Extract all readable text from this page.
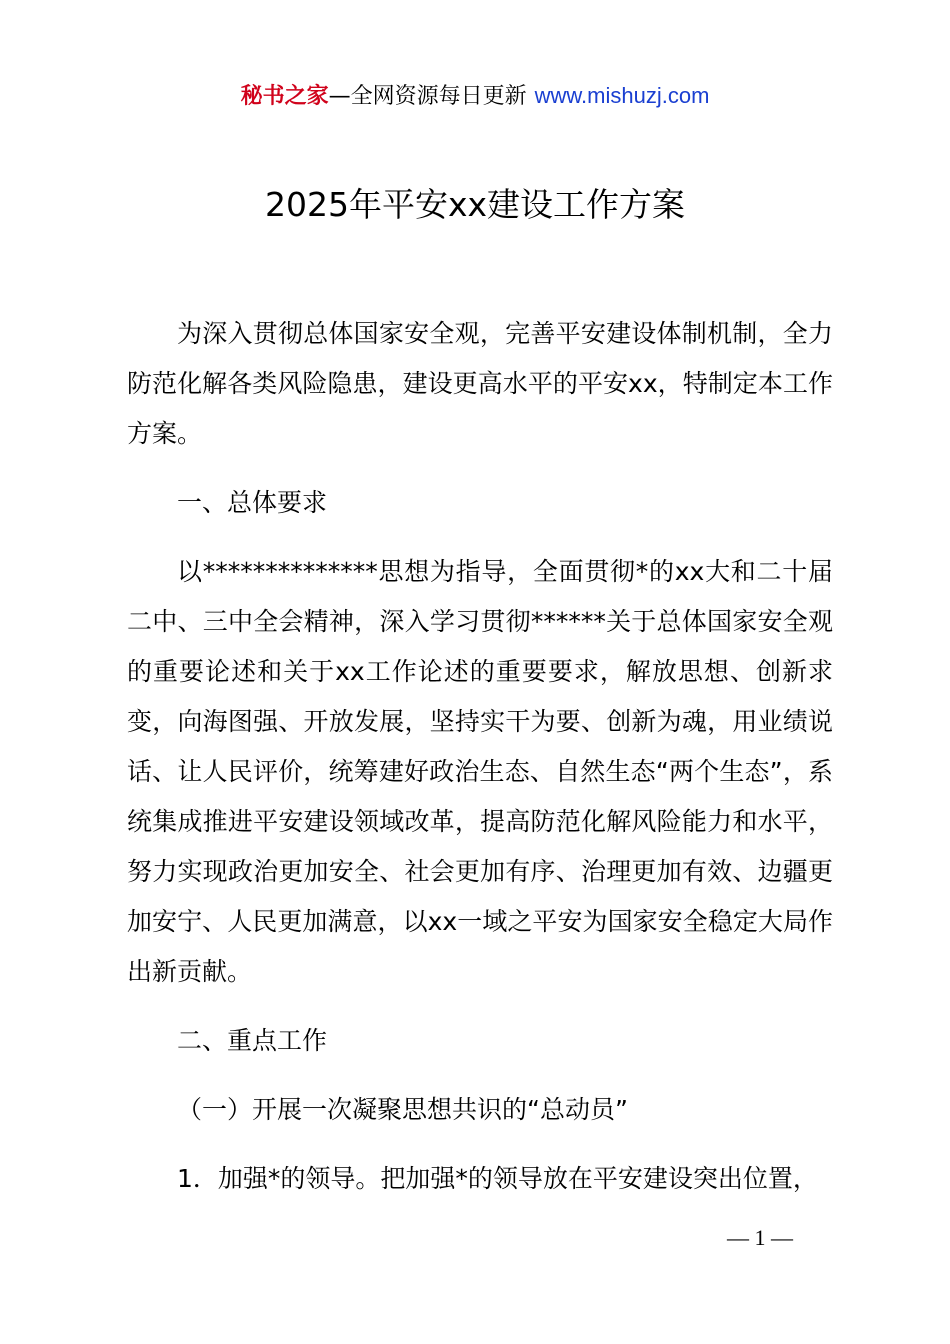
秘书之家—全网资源每日更新 www.mishuzj.com
2025年平安xx建设工作方案

为深入贯彻总体国家安全观，完善平安建设体制机制，全力防范化解各类风险隐患，建设更高水平的平安xx，特制定本工作方案。

一、总体要求

以**************思想为指导，全面贯彻*的xx大和二十届二中、三中全会精神，深入学习贯彻******关于总体国家安全观的重要论述和关于xx工作论述的重要要求，解放思想、创新求变，向海图强、开放发展，坚持实干为要、创新为魂，用业绩说话、让人民评价，统筹建好政治生态、自然生态“两个生态”，系统集成推进平安建设领域改革，提高防范化解风险能力和水平，努力实现政治更加安全、社会更加有序、治理更加有效、边疆更加安宁、人民更加满意，以xx一域之平安为国家安全稳定大局作出新贡献。

二、重点工作

（一）开展一次凝聚思想共识的“总动员”

1．加强*的领导。把加强*的领导放在平安建设突出位置，

— 1 —
